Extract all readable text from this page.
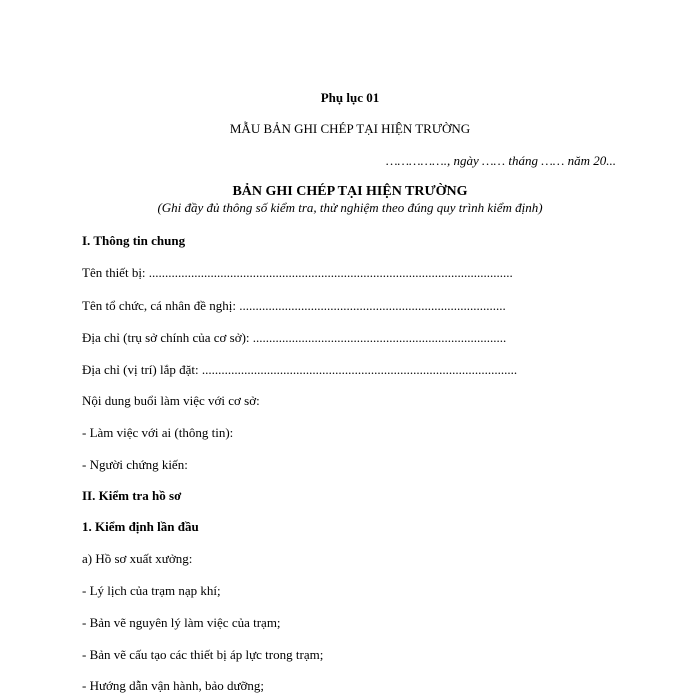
Phụ lục 01
MẪU BẢN GHI CHÉP TẠI HIỆN TRƯỜNG
……………., ngày …… tháng …… năm 20...
BẢN GHI CHÉP TẠI HIỆN TRƯỜNG
(Ghi đầy đủ thông số kiểm tra, thử nghiệm theo đúng quy trình kiểm định)
I. Thông tin chung
Tên thiết bị: ................................................................................................................
Tên tổ chức, cá nhân đề nghị: ..................................................................................
Địa chỉ (trụ sở chính của cơ sở): ..............................................................................
Địa chỉ (vị trí) lắp đặt: .................................................................................................
Nội dung buổi làm việc với cơ sở:
- Làm việc với ai (thông tin):
- Người chứng kiến:
II. Kiểm tra hồ sơ
1. Kiểm định lần đầu
a) Hồ sơ xuất xưởng:
- Lý lịch của trạm nạp khí;
- Bản vẽ nguyên lý làm việc của trạm;
- Bản vẽ cấu tạo các thiết bị áp lực trong trạm;
- Hướng dẫn vận hành, bảo dưỡng;
